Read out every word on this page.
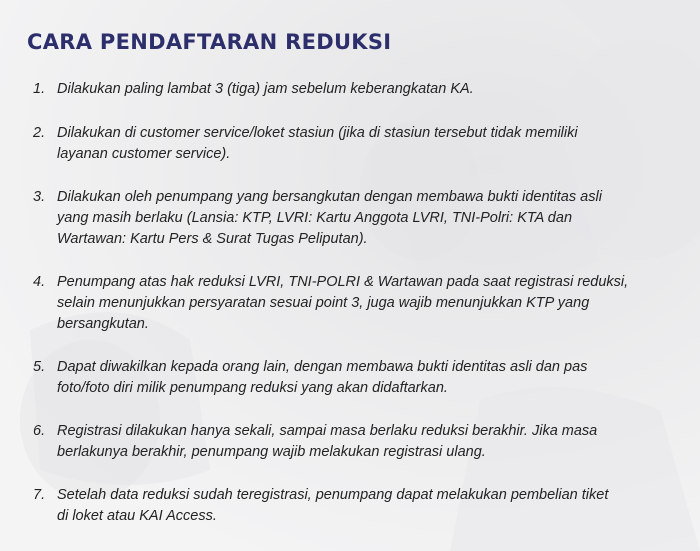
CARA PENDAFTARAN REDUKSI
1. Dilakukan paling lambat 3 (tiga) jam sebelum keberangkatan KA.
2. Dilakukan di customer service/loket stasiun (jika di stasiun tersebut tidak memiliki
layanan customer service).
3. Dilakukan oleh penumpang yang bersangkutan dengan membawa bukti identitas asli
yang masih berlaku (Lansia: KTP, LVRI: Kartu Anggota LVRI, TNI-Polri: KTA dan
Wartawan: Kartu Pers & Surat Tugas Peliputan).
4. Penumpang atas hak reduksi LVRI, TNI-POLRI & Wartawan pada saat registrasi reduksi,
selain menunjukkan persyaratan sesuai point 3, juga wajib menunjukkan KTP yang
bersangkutan.
5. Dapat diwakilkan kepada orang lain, dengan membawa bukti identitas asli dan pas
foto/foto diri milik penumpang reduksi yang akan didaftarkan.
6. Registrasi dilakukan hanya sekali, sampai masa berlaku reduksi berakhir. Jika masa
berlakunya berakhir, penumpang wajib melakukan registrasi ulang.
7. Setelah data reduksi sudah teregistrasi, penumpang dapat melakukan pembelian tiket
di loket atau KAI Access.
